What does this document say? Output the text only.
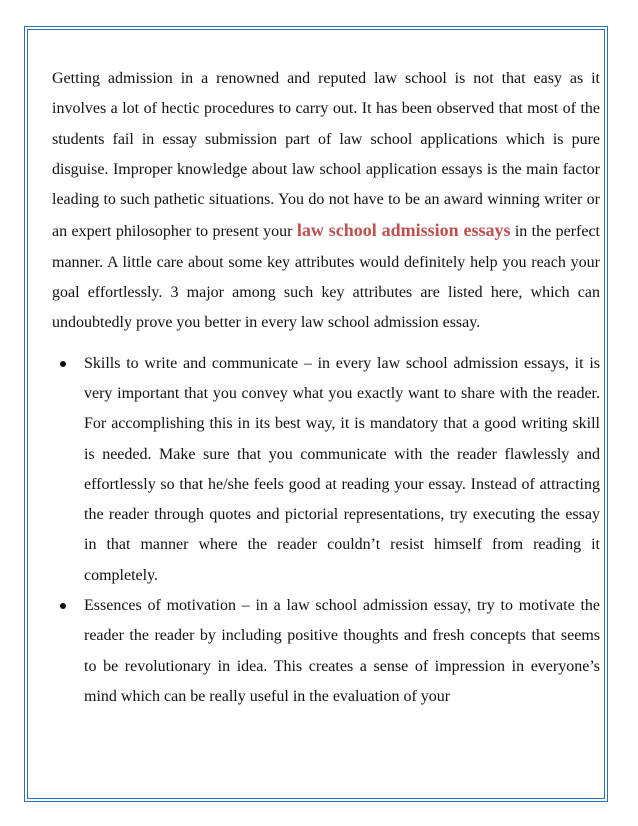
Getting admission in a renowned and reputed law school is not that easy as it involves a lot of hectic procedures to carry out. It has been observed that most of the students fail in essay submission part of law school applications which is pure disguise. Improper knowledge about law school application essays is the main factor leading to such pathetic situations. You do not have to be an award winning writer or an expert philosopher to present your law school admission essays in the perfect manner. A little care about some key attributes would definitely help you reach your goal effortlessly. 3 major among such key attributes are listed here, which can undoubtedly prove you better in every law school admission essay.

Skills to write and communicate – in every law school admission essays, it is very important that you convey what you exactly want to share with the reader. For accomplishing this in its best way, it is mandatory that a good writing skill is needed. Make sure that you communicate with the reader flawlessly and effortlessly so that he/she feels good at reading your essay. Instead of attracting the reader through quotes and pictorial representations, try executing the essay in that manner where the reader couldn’t resist himself from reading it completely.
Essences of motivation – in a law school admission essay, try to motivate the reader the reader by including positive thoughts and fresh concepts that seems to be revolutionary in idea. This creates a sense of impression in everyone’s mind which can be really useful in the evaluation of your
